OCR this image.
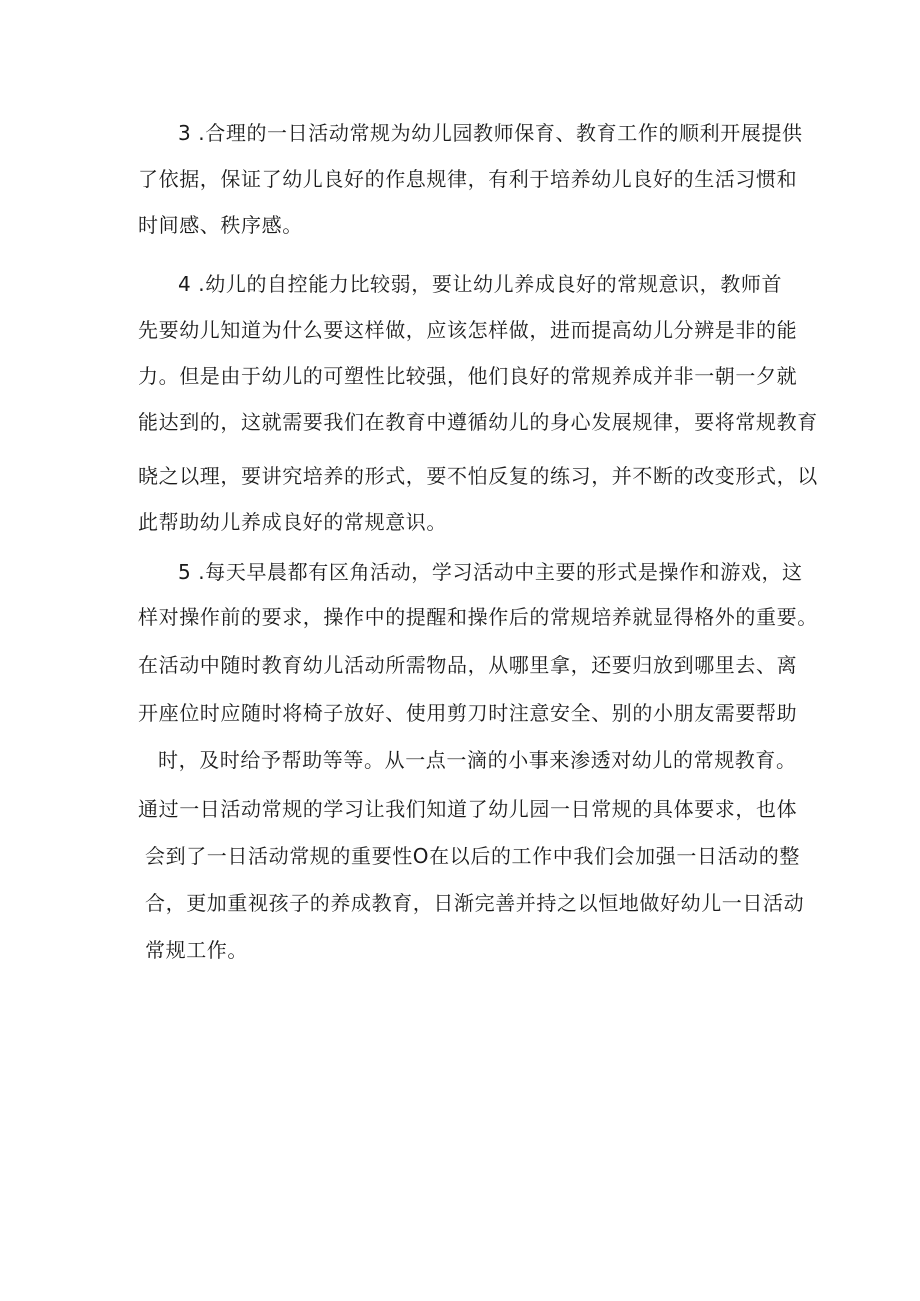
3 .合理的一日活动常规为幼儿园教师保育、教育工作的顺利开展提供

了依据，保证了幼儿良好的作息规律，有利于培养幼儿良好的生活习惯和

时间感、秩序感。

4 .幼儿的自控能力比较弱，要让幼儿养成良好的常规意识，教师首

先要幼儿知道为什么要这样做，应该怎样做，进而提高幼儿分辨是非的能

力。但是由于幼儿的可塑性比较强，他们良好的常规养成并非一朝一夕就

能达到的，这就需要我们在教育中遵循幼儿的身心发展规律，要将常规教育

晓之以理，要讲究培养的形式，要不怕反复的练习，并不断的改变形式，以

此帮助幼儿养成良好的常规意识。

5 .每天早晨都有区角活动，学习活动中主要的形式是操作和游戏，这

样对操作前的要求，操作中的提醒和操作后的常规培养就显得格外的重要。

在活动中随时教育幼儿活动所需物品，从哪里拿，还要归放到哪里去、离

开座位时应随时将椅子放好、使用剪刀时注意安全、别的小朋友需要帮助

时，及时给予帮助等等。从一点一滴的小事来渗透对幼儿的常规教育。

通过一日活动常规的学习让我们知道了幼儿园一日常规的具体要求，也体

会到了一日活动常规的重要性O在以后的工作中我们会加强一日活动的整

合，更加重视孩子的养成教育，日渐完善并持之以恒地做好幼儿一日活动

常规工作。
